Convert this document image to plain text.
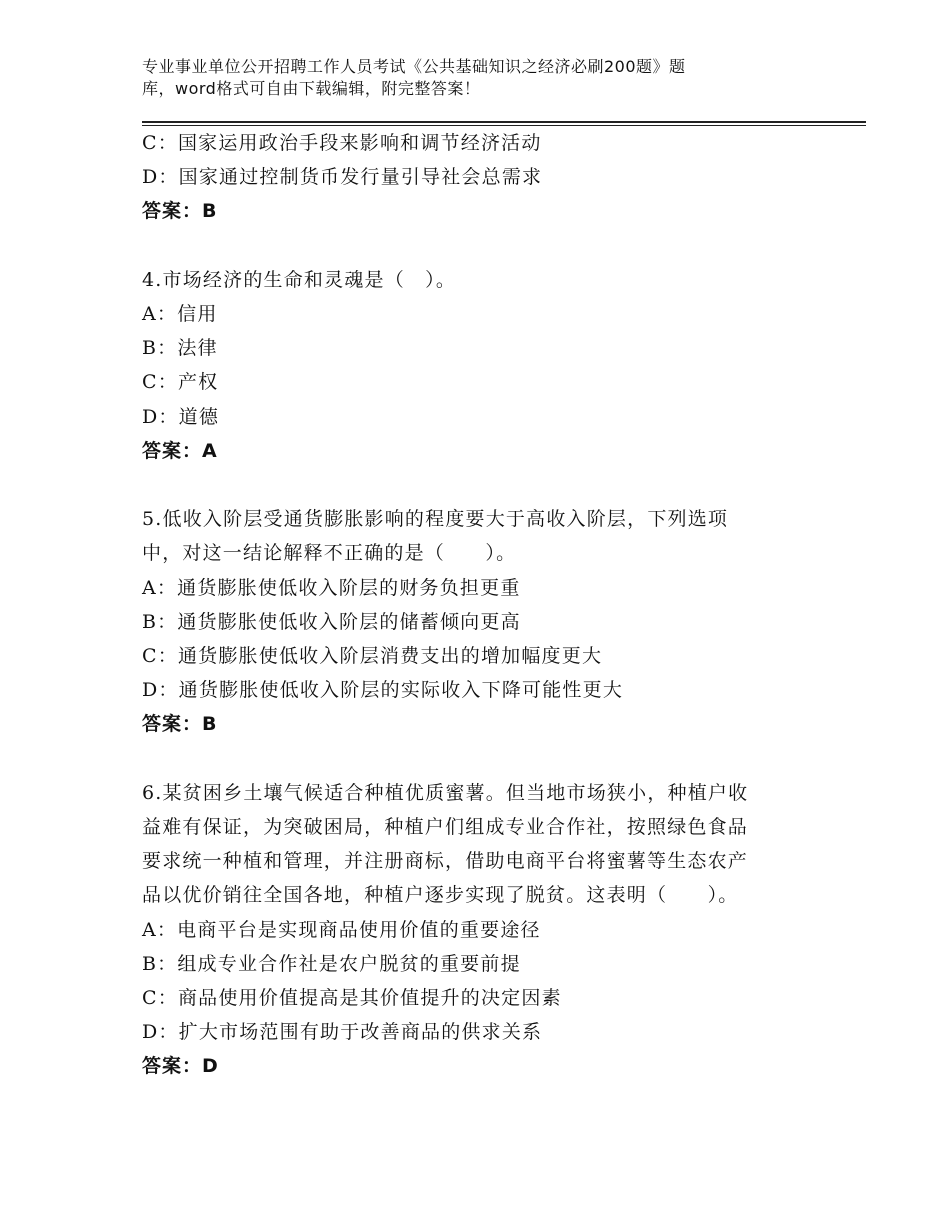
专业事业单位公开招聘工作人员考试《公共基础知识之经济必刷200题》题
库，word格式可自由下载编辑，附完整答案！
C：国家运用政治手段来影响和调节经济活动
D：国家通过控制货币发行量引导社会总需求
答案：B
4.市场经济的生命和灵魂是（　）。
A：信用
B：法律
C：产权
D：道德
答案：A
5.低收入阶层受通货膨胀影响的程度要大于高收入阶层，下列选项
中，对这一结论解释不正确的是（　　）。
A：通货膨胀使低收入阶层的财务负担更重
B：通货膨胀使低收入阶层的储蓄倾向更高
C：通货膨胀使低收入阶层消费支出的增加幅度更大
D：通货膨胀使低收入阶层的实际收入下降可能性更大
答案：B
6.某贫困乡土壤气候适合种植优质蜜薯。但当地市场狭小，种植户收
益难有保证，为突破困局，种植户们组成专业合作社，按照绿色食品
要求统一种植和管理，并注册商标，借助电商平台将蜜薯等生态农产
品以优价销往全国各地，种植户逐步实现了脱贫。这表明（　　）。
A：电商平台是实现商品使用价值的重要途径
B：组成专业合作社是农户脱贫的重要前提
C：商品使用价值提高是其价值提升的决定因素
D：扩大市场范围有助于改善商品的供求关系
答案：D
